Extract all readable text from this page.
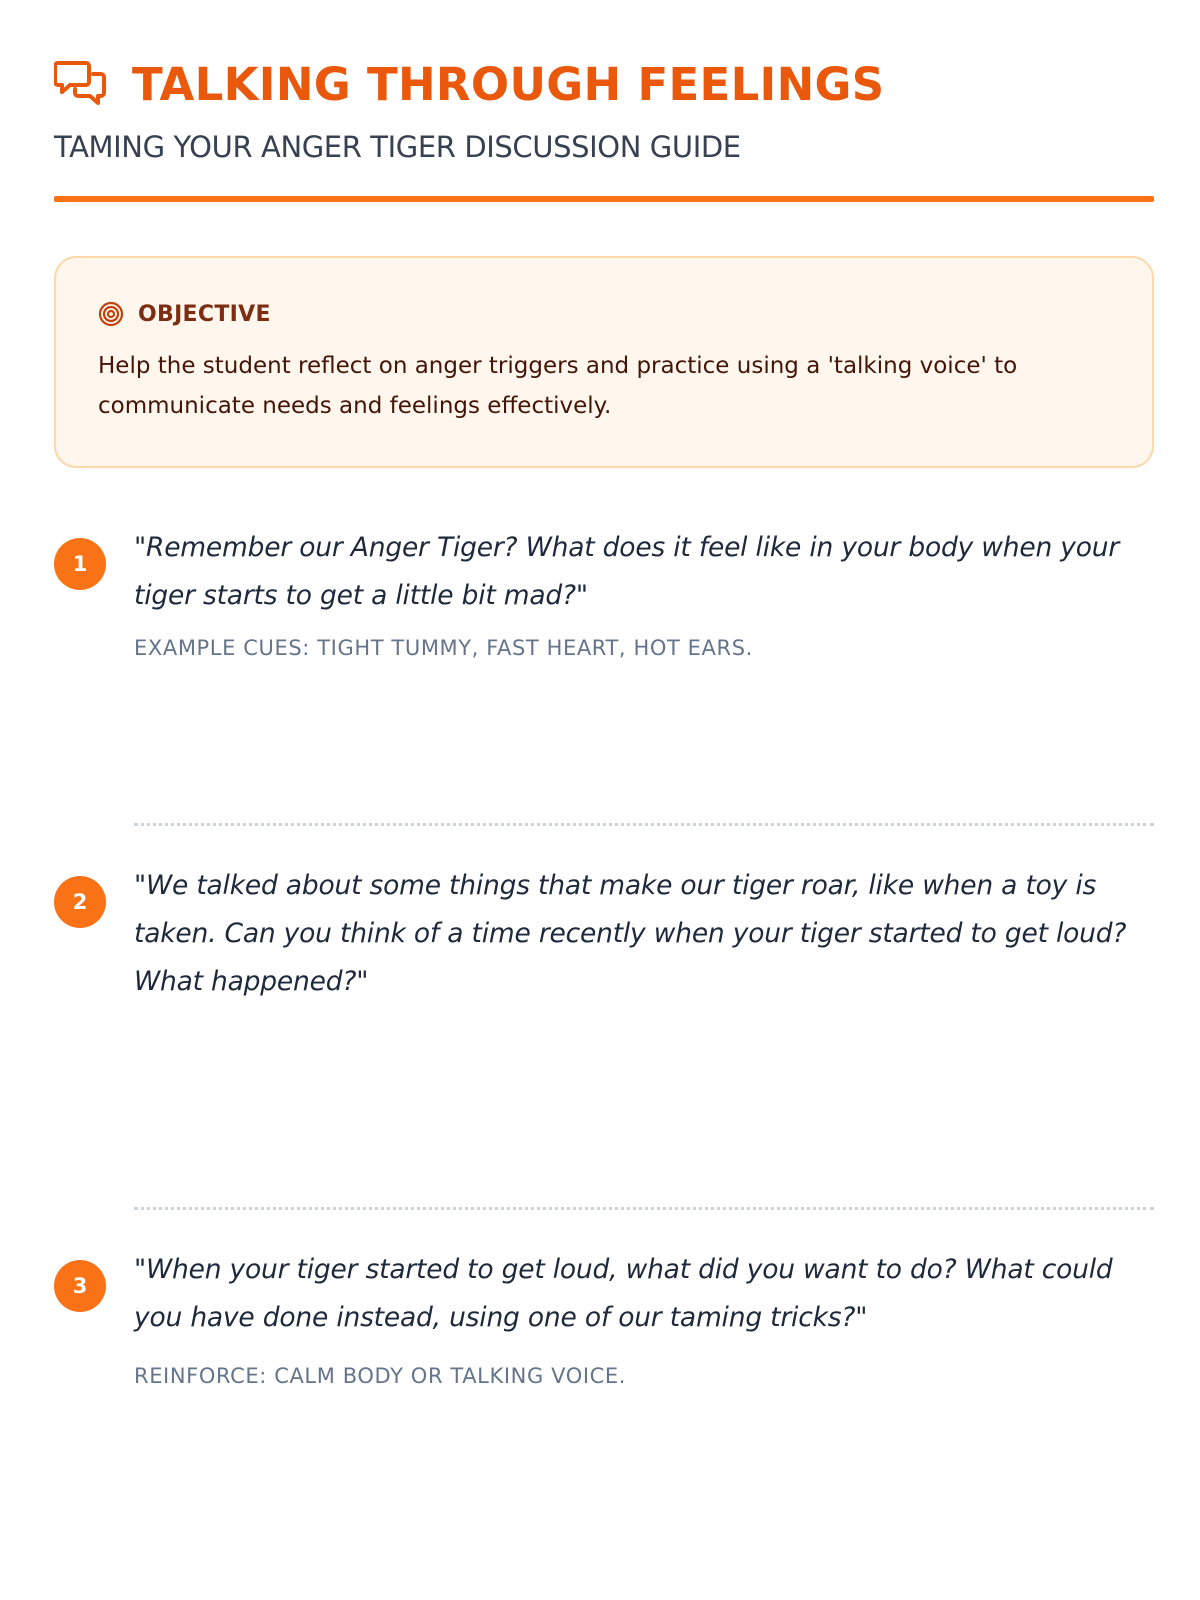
TALKING THROUGH FEELINGS
TAMING YOUR ANGER TIGER DISCUSSION GUIDE
OBJECTIVE

Help the student reflect on anger triggers and practice using a 'talking voice' to communicate needs and feelings effectively.

1

"Remember our Anger Tiger? What does it feel like in your body when your tiger starts to get a little bit mad?"

EXAMPLE CUES: TIGHT TUMMY, FAST HEART, HOT EARS.
2

"We talked about some things that make our tiger roar, like when a toy is taken. Can you think of a time recently when your tiger started to get loud? What happened?"

3

"When your tiger started to get loud, what did you want to do? What could you have done instead, using one of our taming tricks?"

REINFORCE: CALM BODY OR TALKING VOICE.
